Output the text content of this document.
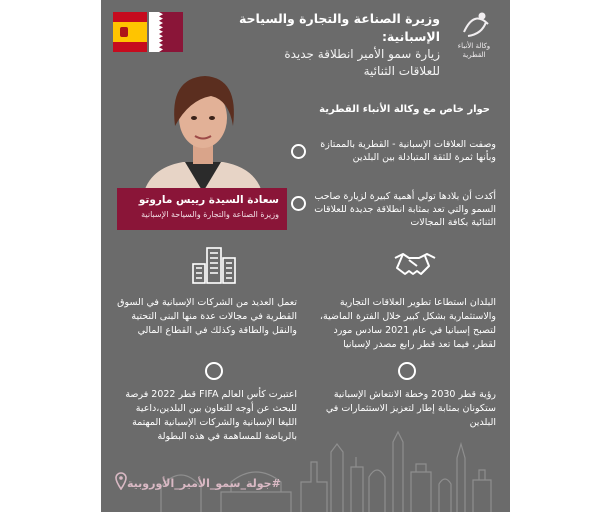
وكالة الأنباء القطرية
وزيرة الصناعة والتجارة والسياحة الإسبانية:
زيارة سمو الأمير انطلاقة جديدة
للعلاقات الثنائية
سعادة السيدة رييس ماروتو
وزيرة الصناعة والتجارة والسياحة الإسبانية
حوار خاص مع وكالة الأنباء القطرية
وصفت العلاقات الإسبانية - القطرية بالممتازة وبأنها ثمرة للثقة المتبادلة بين البلدين
أكدت أن بلادها تولي أهمية كبيرة لزيارة صاحب السمو والتي تعد بمثابة انطلاقة جديدة للعلاقات الثنائية بكافة المجالات
البلدان استطاعا تطوير العلاقات التجارية والاستثمارية بشكل كبير خلال الفترة الماضية، لتصبح إسبانيا في عام 2021 سادس مورد لقطر، فيما تعد قطر رابع مصدر لإسبانيا
تعمل العديد من الشركات الإسبانية في السوق القطرية في مجالات عدة منها البنى التحتية والنقل والطاقة وكذلك في القطاع المالي
رؤية قطر 2030 وخطة الانتعاش الإسبانية ستكونان بمثابة إطار لتعزيز الاستثمارات في البلدين
اعتبرت كأس العالم FIFA قطر 2022 فرصة للبحث عن أوجه للتعاون بين البلدين،داعية الليغا الإسبانية والشركات الإسبانية المهتمة بالرياضة للمساهمة في هذه البطولة
#جولة_سمو_الأمير_الأوروبية
